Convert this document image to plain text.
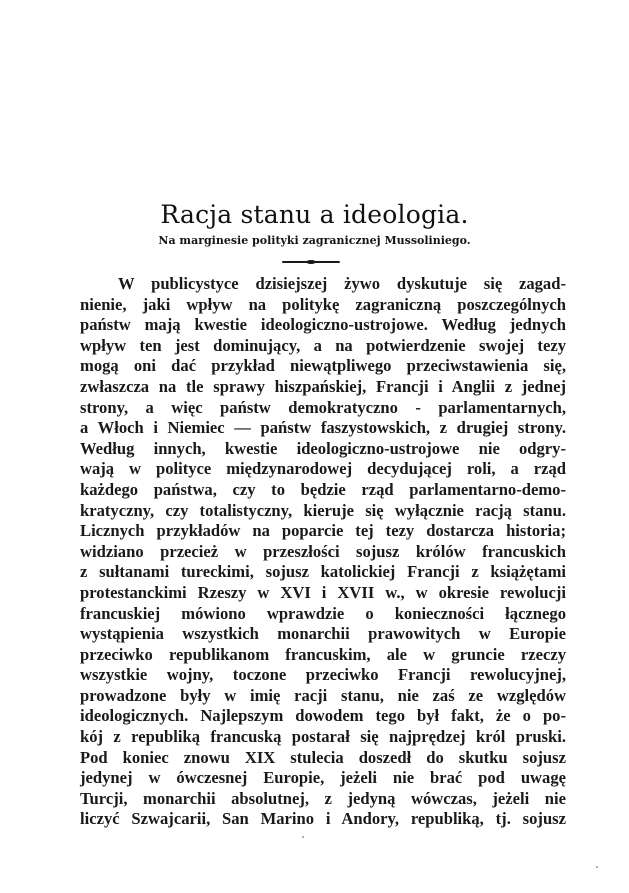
Racja stanu a ideologia.
Na marginesie polityki zagranicznej Mussoliniego.
W publicystyce dzisiejszej żywo dyskutuje się zagad-
nienie, jaki wpływ na politykę zagraniczną poszczególnych
państw mają kwestie ideologiczno-ustrojowe. Według jednych
wpływ ten jest dominujący, a na potwierdzenie swojej tezy
mogą oni dać przykład niewątpliwego przeciwstawienia się,
zwłaszcza na tle sprawy hiszpańskiej, Francji i Anglii z jednej
strony, a więc państw demokratyczno - parlamentarnych,
a Włoch i Niemiec — państw faszystowskich, z drugiej strony.
Według innych, kwestie ideologiczno-ustrojowe nie odgry-
wają w polityce międzynarodowej decydującej roli, a rząd
każdego państwa, czy to będzie rząd parlamentarno-demo-
kratyczny, czy totalistyczny, kieruje się wyłącznie racją stanu.
Licznych przykładów na poparcie tej tezy dostarcza historia;
widziano przecież w przeszłości sojusz królów francuskich
z sułtanami tureckimi, sojusz katolickiej Francji z książętami
protestanckimi Rzeszy w XVI i XVII w., w okresie rewolucji
francuskiej mówiono wprawdzie o konieczności łącznego
wystąpienia wszystkich monarchii prawowitych w Europie
przeciwko republikanom francuskim, ale w gruncie rzeczy
wszystkie wojny, toczone przeciwko Francji rewolucyjnej,
prowadzone były w imię racji stanu, nie zaś ze względów
ideologicznych. Najlepszym dowodem tego był fakt, że o po-
kój z republiką francuską postarał się najprędzej król pruski.
Pod koniec znowu XIX stulecia doszedł do skutku sojusz
jedynej w ówczesnej Europie, jeżeli nie brać pod uwagę
Turcji, monarchii absolutnej, z jedyną wówczas, jeżeli nie
liczyć Szwajcarii, San Marino i Andory, republiką, tj. sojusz
